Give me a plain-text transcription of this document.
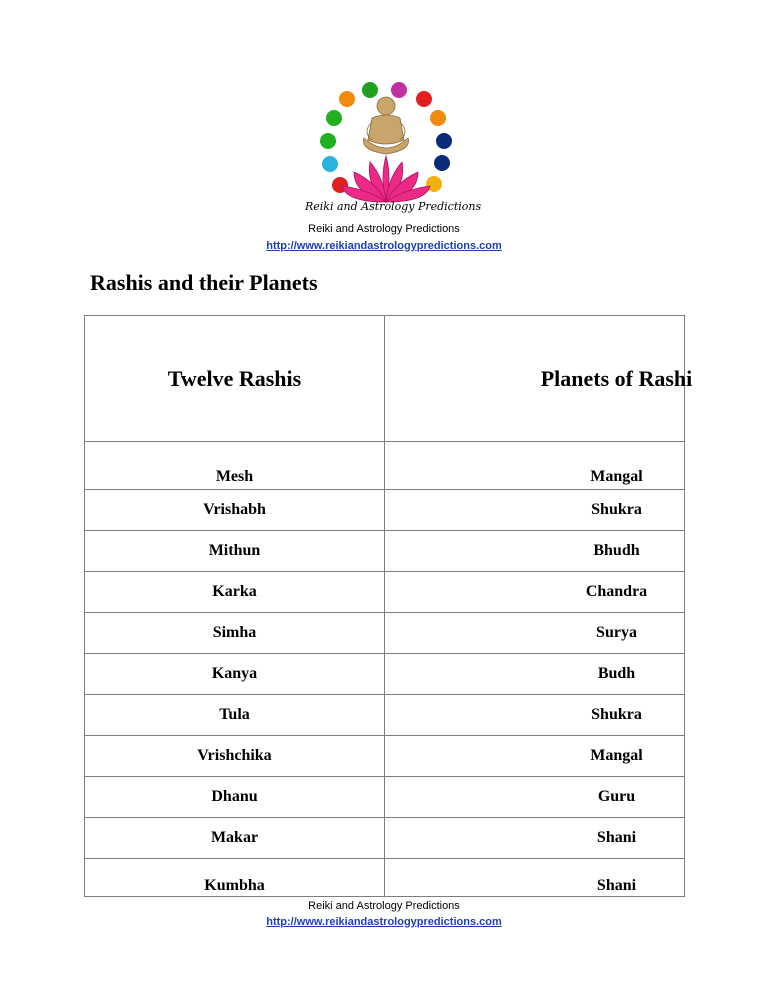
Reiki and Astrology Predictions
Reiki and Astrology Predictions
http://www.reikiandastrologypredictions.com
Rashis and their Planets
Twelve Rashis	Planets of Rashi
Mesh	Mangal
Vrishabh	Shukra
Mithun	Bhudh
Karka	Chandra
Simha	Surya
Kanya	Budh
Tula	Shukra
Vrishchika	Mangal
Dhanu	Guru
Makar	Shani
Kumbha	Shani
Reiki and Astrology Predictions
http://www.reikiandastrologypredictions.com
